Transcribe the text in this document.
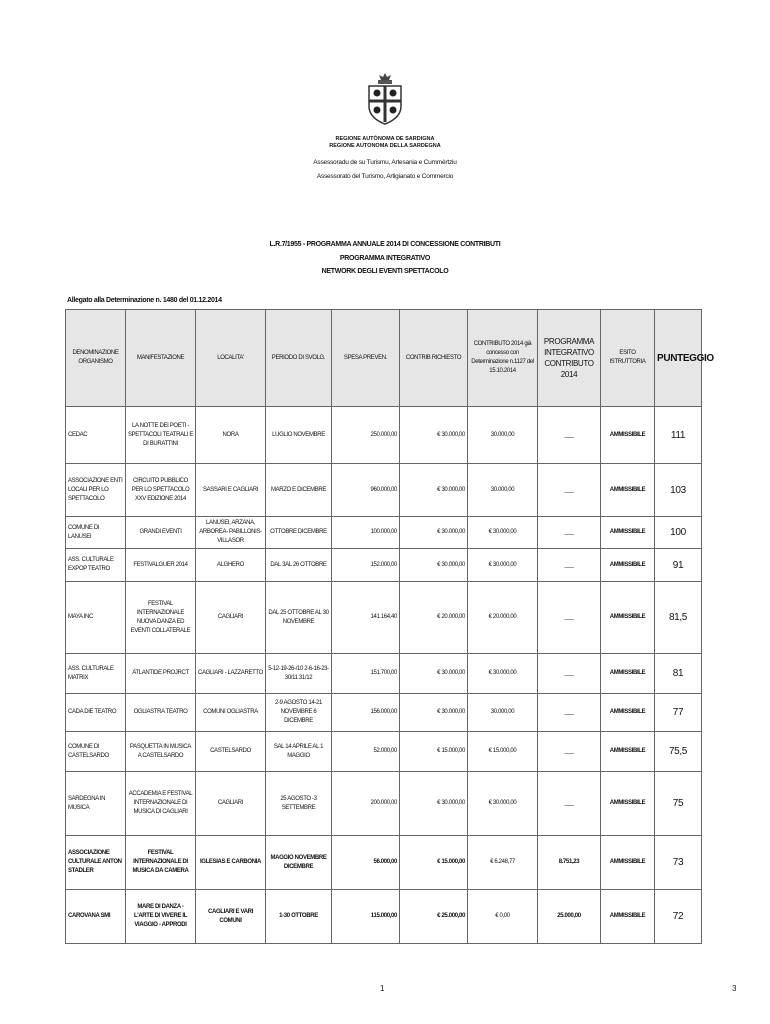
REGIONE AUTÒNOMA DE SARDIGNA
REGIONE AUTONOMA DELLA SARDEGNA
Assessoradu de su Turismu, Artesania e Cummèrtziu
Assessorato del Turismo, Artigianato e Commercio
L.R.7/1955 - PROGRAMMA ANNUALE 2014 DI CONCESSIONE CONTRIBUTI
PROGRAMMA INTEGRATIVO
NETWORK DEGLI EVENTI SPETTACOLO
Allegato alla Determinazione n. 1480 del 01.12.2014
DENOMINAZIONE ORGANISMO	MANIFESTAZIONE	LOCALITA'	PERIODO DI SVOLG.	SPESA PREVEN.	CONTRIB RICHIESTO	CONTRIBUTO 2014 già concesso con Determinazione n.1127 del 15.10.2014	PROGRAMMA INTEGRATIVO CONTRIBUTO 2014	ESITO ISTRUTTORIA	PUNTEGGIO
CEDAC	LA NOTTE DEI POETI - SPETTACOLI TEATRALI E DI BURATTINI	NORA	LUGLIO NOVEMBRE	250.000,00	€ 30.000,00	30.000,00	___	AMMISSIBILE	111
ASSOCIAZIONE ENTI LOCALI PER LO SPETTACOLO	CIRCUITO PUBBLICO PER LO SPETTACOLO XXV EDIZIONE 2014	SASSARI E CAGLIARI	MARZO E DICEMBRE	960.000,00	€ 30.000,00	30.000,00	___	AMMISSIBILE	103
COMUNE DI LANUSEI	GRANDI EVENTI	LANUSEI, ARZANA, ARBOREA- PABILLONIS- VILLASOR	OTTOBRE DICEMBRE	100.000,00	€ 30.000,00	€ 30.000,00	___	AMMISSIBILE	100
ASS. CULTURALE EXPOP TEATRO	FESTIVALGUER 2014	ALGHERO	DAL 3AL 26 OTTOBRE	152.000,00	€ 30.000,00	€ 30.000,00	___	AMMISSIBILE	91
MAYA INC	FESTIVAL INTERNAZIONALE NUOVA DANZA ED EVENTI COLLATERALE	CAGLIARI	DAL 25 OTTOBRE AL 30 NOVEMBRE	141.164,40	€ 20.000,00	€ 20.000,00	___	AMMISSIBILE	81,5
ASS. CULTURALE MATRIX	ATLANTIDE PROJRCT	CAGLIARI - LAZZARETTO	5-12-19-26-/10 2-6-16-23-30/11 31/12	151.700,00	€ 30.000,00	€ 30.000,00	___	AMMISSIBILE	81
CADA DIE TEATRO	OGLIASTRA TEATRO	COMUNI OGLIASTRA	2-9 AGOSTO 14-21 NOVEMBRE 6 DICEMBRE	156.000,00	€ 30.000,00	30.000,00	___	AMMISSIBILE	77
COMUNE DI CASTELSARDO	PASQUETTA IN MUSICA A CASTELSARDO	CASTELSARDO	SAL 14 APRILE AL 1 MAGGIO	52.000,00	€ 15.000,00	€ 15.000,00	___	AMMISSIBILE	75,5
SARDEGNA IN MUSICA	ACCADEMIA E FESTIVAL INTERNAZIONALE DI MUSICA DI CAGLIARI	CAGLIARI	25 AGOSTO -3 SETTEMBRE	200.000,00	€ 30.000,00	€ 30.000,00	___	AMMISSIBILE	75
ASSOCIAZIONE CULTURALE ANTON STADLER	FESTIVAL INTERNAZIONALE DI MUSICA DA CAMERA	IGLESIAS E CARBONIA	MAGGIO NOVEMBRE DICEMBRE	56.000,00	€ 15.000,00	€ 6.248,77	8.751,23	AMMISSIBILE	73
CAROVANA SMI	MARE DI DANZA - L'ARTE DI VIVERE IL VIAGGIO - APPRODI	CAGLIARI E VARI COMUNI	1-30 OTTOBRE	115.000,00	€ 25.000,00	€ 0,00	25.000,00	AMMISSIBILE	72
1	3
